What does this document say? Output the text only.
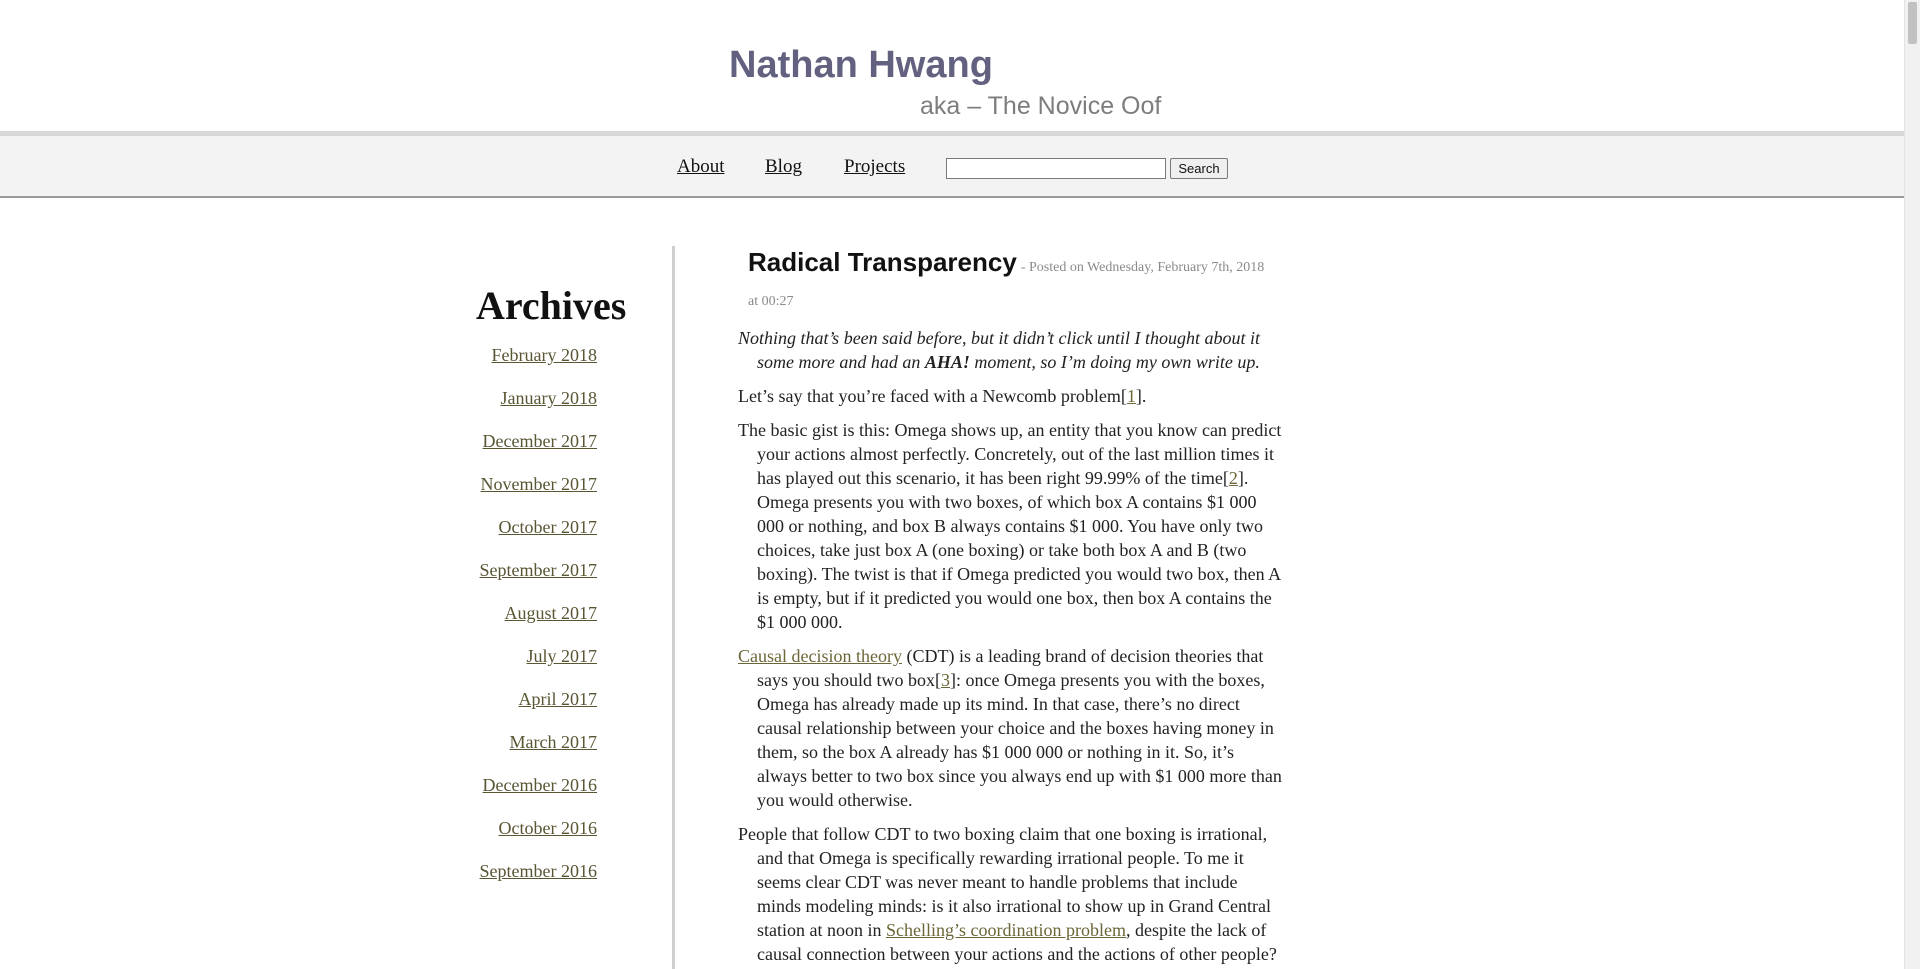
Nathan Hwang
aka – The Novice Oof
About Blog Projects	Search
Archives
February 2018
January 2018
December 2017
November 2017
October 2017
September 2017
August 2017
July 2017
April 2017
March 2017
December 2016
October 2016
September 2016
Radical Transparency - Posted on Wednesday, February 7th, 2018 at 00:27

Nothing that’s been said before, but it didn’t click until I thought about it some more and had an AHA! moment, so I’m doing my own write up.

Let’s say that you’re faced with a Newcomb problem[1].

The basic gist is this: Omega shows up, an entity that you know can predict your actions almost perfectly. Concretely, out of the last million times it has played out this scenario, it has been right 99.99% of the time[2]. Omega presents you with two boxes, of which box A contains $1 000 000 or nothing, and box B always contains $1 000. You have only two choices, take just box A (one boxing) or take both box A and B (two boxing). The twist is that if Omega predicted you would two box, then A is empty, but if it predicted you would one box, then box A contains the $1 000 000.

Causal decision theory (CDT) is a leading brand of decision theories that says you should two box[3]: once Omega presents you with the boxes, Omega has already made up its mind. In that case, there’s no direct causal relationship between your choice and the boxes having money in them, so the box A already has $1 000 000 or nothing in it. So, it’s always better to two box since you always end up with $1 000 more than you would otherwise.

People that follow CDT to two boxing claim that one boxing is irrational, and that Omega is specifically rewarding irrational people. To me it seems clear CDT was never meant to handle problems that include minds modeling minds: is it also irrational to show up in Grand Central station at noon in Schelling’s coordination problem, despite the lack of causal connection between your actions and the actions of other people?
